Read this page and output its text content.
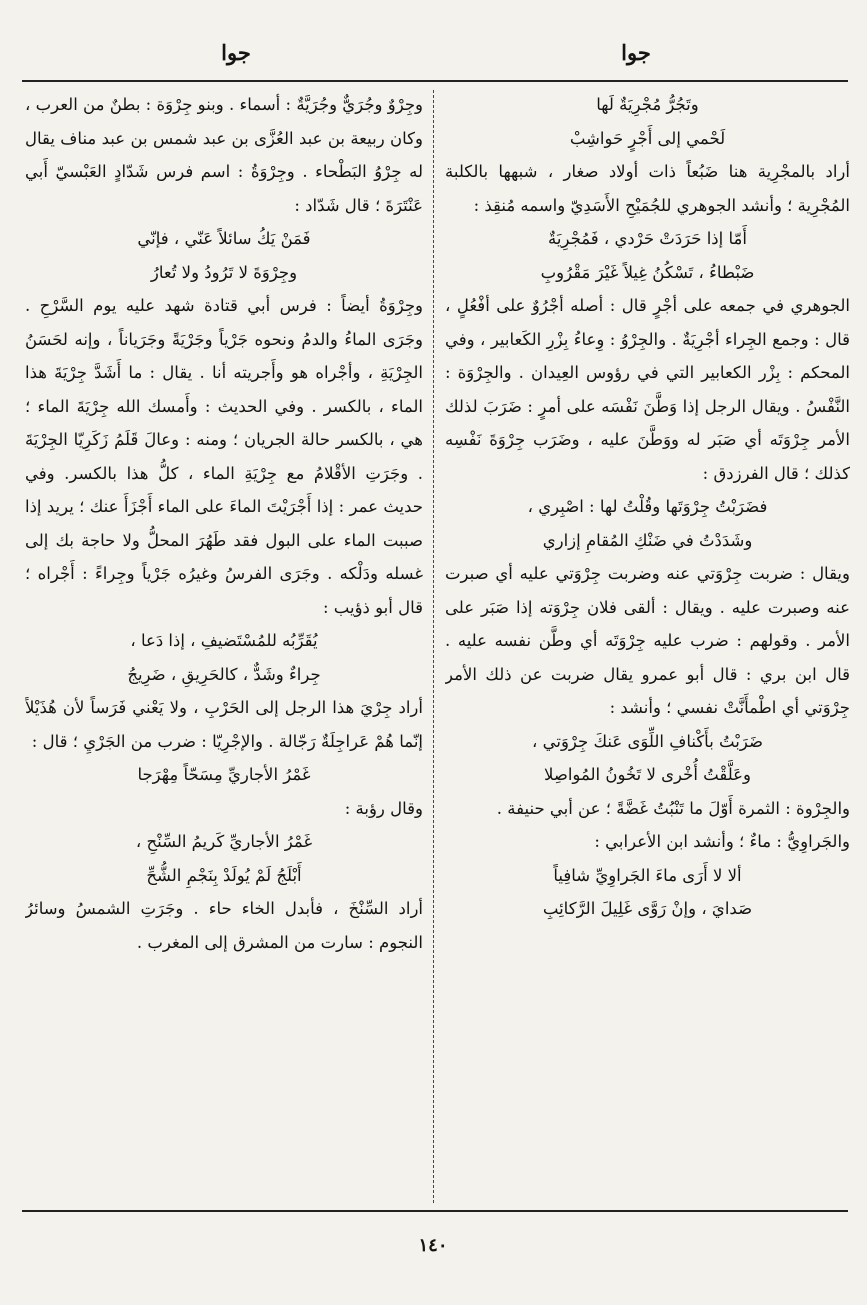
جوا
جوا

وتَجُرُّ مُجْرِيَةٌ لَها

لَحْمي إلى أَجْرٍ حَواشِبْ

أراد بالمجْرِية هنا ضَبُعاً ذات أولاد صغار ، شبهها بالكلبة المُجْرِية ؛ وأنشد الجوهري للجُمَيْحِ الأَسَدِيّ واسمه مُنقِذ :

أَمّا إذا حَرَدَتْ حَرْدي ، فَمُجْرِيَةٌ

ضَبْطاءُ ، تَسْكُنُ غِيلاً غَيْرَ مَقْرُوبِ

الجوهري في جمعه على أجْرٍ قال : أصله أجْرُوٌ على أفْعُلٍ ، قال : وجمع الجِراء أجْرِيَةٌ . والجِرْوُ : وِعاءُ بِزْرِ الكَعابير ، وفي المحكم : بِزْر الكعابير التي في رؤوس العِيدان . والجِرْوَة : النَّفْسُ . ويقال الرجل إذا وَطَّنَ نَفْسَه على أمرٍ : ضَرَبَ لذلك الأمر جِرْوَتَه أي صَبَر له ووَطَّنَ عليه ، وضَرَب جِرْوَةَ نَفْسِه كذلك ؛ قال الفرزدق :

فضَرَبْتُ جِرْوَتَها وقُلْتُ لها : اصْبِري ،

وشَدَدْتُ في ضَنْكِ المُقامِ إزاري

ويقال : ضربت جِرْوَتي عنه وضربت جِرْوَتي عليه أي صبرت عنه وصبرت عليه . ويقال : ألقى فلان جِرْوَته إذا صَبَر على الأمر . وقولهم : ضرب عليه جِرْوَتَه أي وطَّن نفسه عليه . قال ابن بري : قال أبو عمرو يقال ضربت عن ذلك الأمر جِرْوَتي أي اطْمأَنَّتْ نفسي ؛ وأنشد :

ضَرَبْتُ بأَكْنافِ اللِّوَى عَنكَ جِرْوَتي ،

وعَلَّقْتُ أُخْرى لا تَخُونُ المُواصِلا

والجِرْوة : الثمرة أَوّلَ ما تَنْبُتُ غَضَّةً ؛ عن أبي حنيفة .

والجَراوِيُّ : ماءٌ ؛ وأنشد ابن الأعرابي :

ألا لا أَرَى ماءَ الجَراوِيِّ شافِياً

صَدايَ ، وإنْ رَوَّى غَلِيلَ الرَّكائِبِ

وجِرْوٌ وجُرَيٌّ وجُرَيَّةٌ : أسماء . وبنو جِرْوَة : بطنٌ من العرب ، وكان ربيعة بن عبد العُزَّى بن عبد شمس بن عبد مناف يقال له جِرْوُ البَطْحاء . وجِرْوَةُ : اسم فرس شَدّادٍ العَبْسيّ أَبي عَنْتَرَةَ ؛ قال شَدّاد :

فَمَنْ يَكُ سائلاً عَنّي ، فإنّي

وجِرْوَةَ لا تَرُودُ ولا تُعارُ

وجِرْوَةُ أيضاً : فرس أبي قتادة شهد عليه يوم السَّرْحِ . وجَرَى الماءُ والدمُ ونحوه جَرْياً وجَرْيَةً وجَرَياناً ، وإنه لحَسَنُ الجِرْيَةِ ، وأجْراه هو وأَجريته أنا . يقال : ما أَشَدَّ جِرْيَةَ هذا الماء ، بالكسر . وفي الحديث : وأَمسك الله جِرْيَةَ الماء ؛ هي ، بالكسر حالة الجريان ؛ ومنه : وعالَ قَلَمُ زَكَرِيّا الجِرْيَةَ . وجَرَتِ الأقْلامُ مع جِرْيَةِ الماء ، كلُّ هذا بالكسر. وفي حديث عمر : إذا أَجْرَيْتَ الماءَ على الماء أَجْزَأَ عنك ؛ يريد إذا صببت الماء على البول فقد طَهُرَ المحلُّ ولا حاجة بك إلى غسله ودَلْكه . وجَرَى الفرسُ وغيرُه جَرْياً وجِراءً : أَجْراه ؛ قال أبو ذؤيب :

يُقَرِّبُه للمُسْتَضيفِ ، إذا دَعا ،

جِراءٌ وشَدٌّ ، كالحَرِيقِ ، ضَرِيجُ

أراد جِرْيَ هذا الرجل إلى الحَرْبِ ، ولا يَعْني فَرَساً لأن هُذَيْلاً إنّما هُمْ عَراجِلَةٌ رَجّالة . والإجْرِيّا : ضرب من الجَرْيِ ؛ قال :

غَمْرُ الأجاريِّ مِسَحّاً مِهْرَجا

وقال رؤبة :

غَمْرُ الأجاريِّ كَريمُ السِّنْحِ ،

أَبْلَجُ لَمْ يُولَدْ بِنَجْمِ الشُّحِّ

أراد السِّنْخَ ، فأبدل الخاء حاء . وجَرَتِ الشمسُ وسائرُ النجوم : سارت من المشرق إلى المغرب .

١٤٠
